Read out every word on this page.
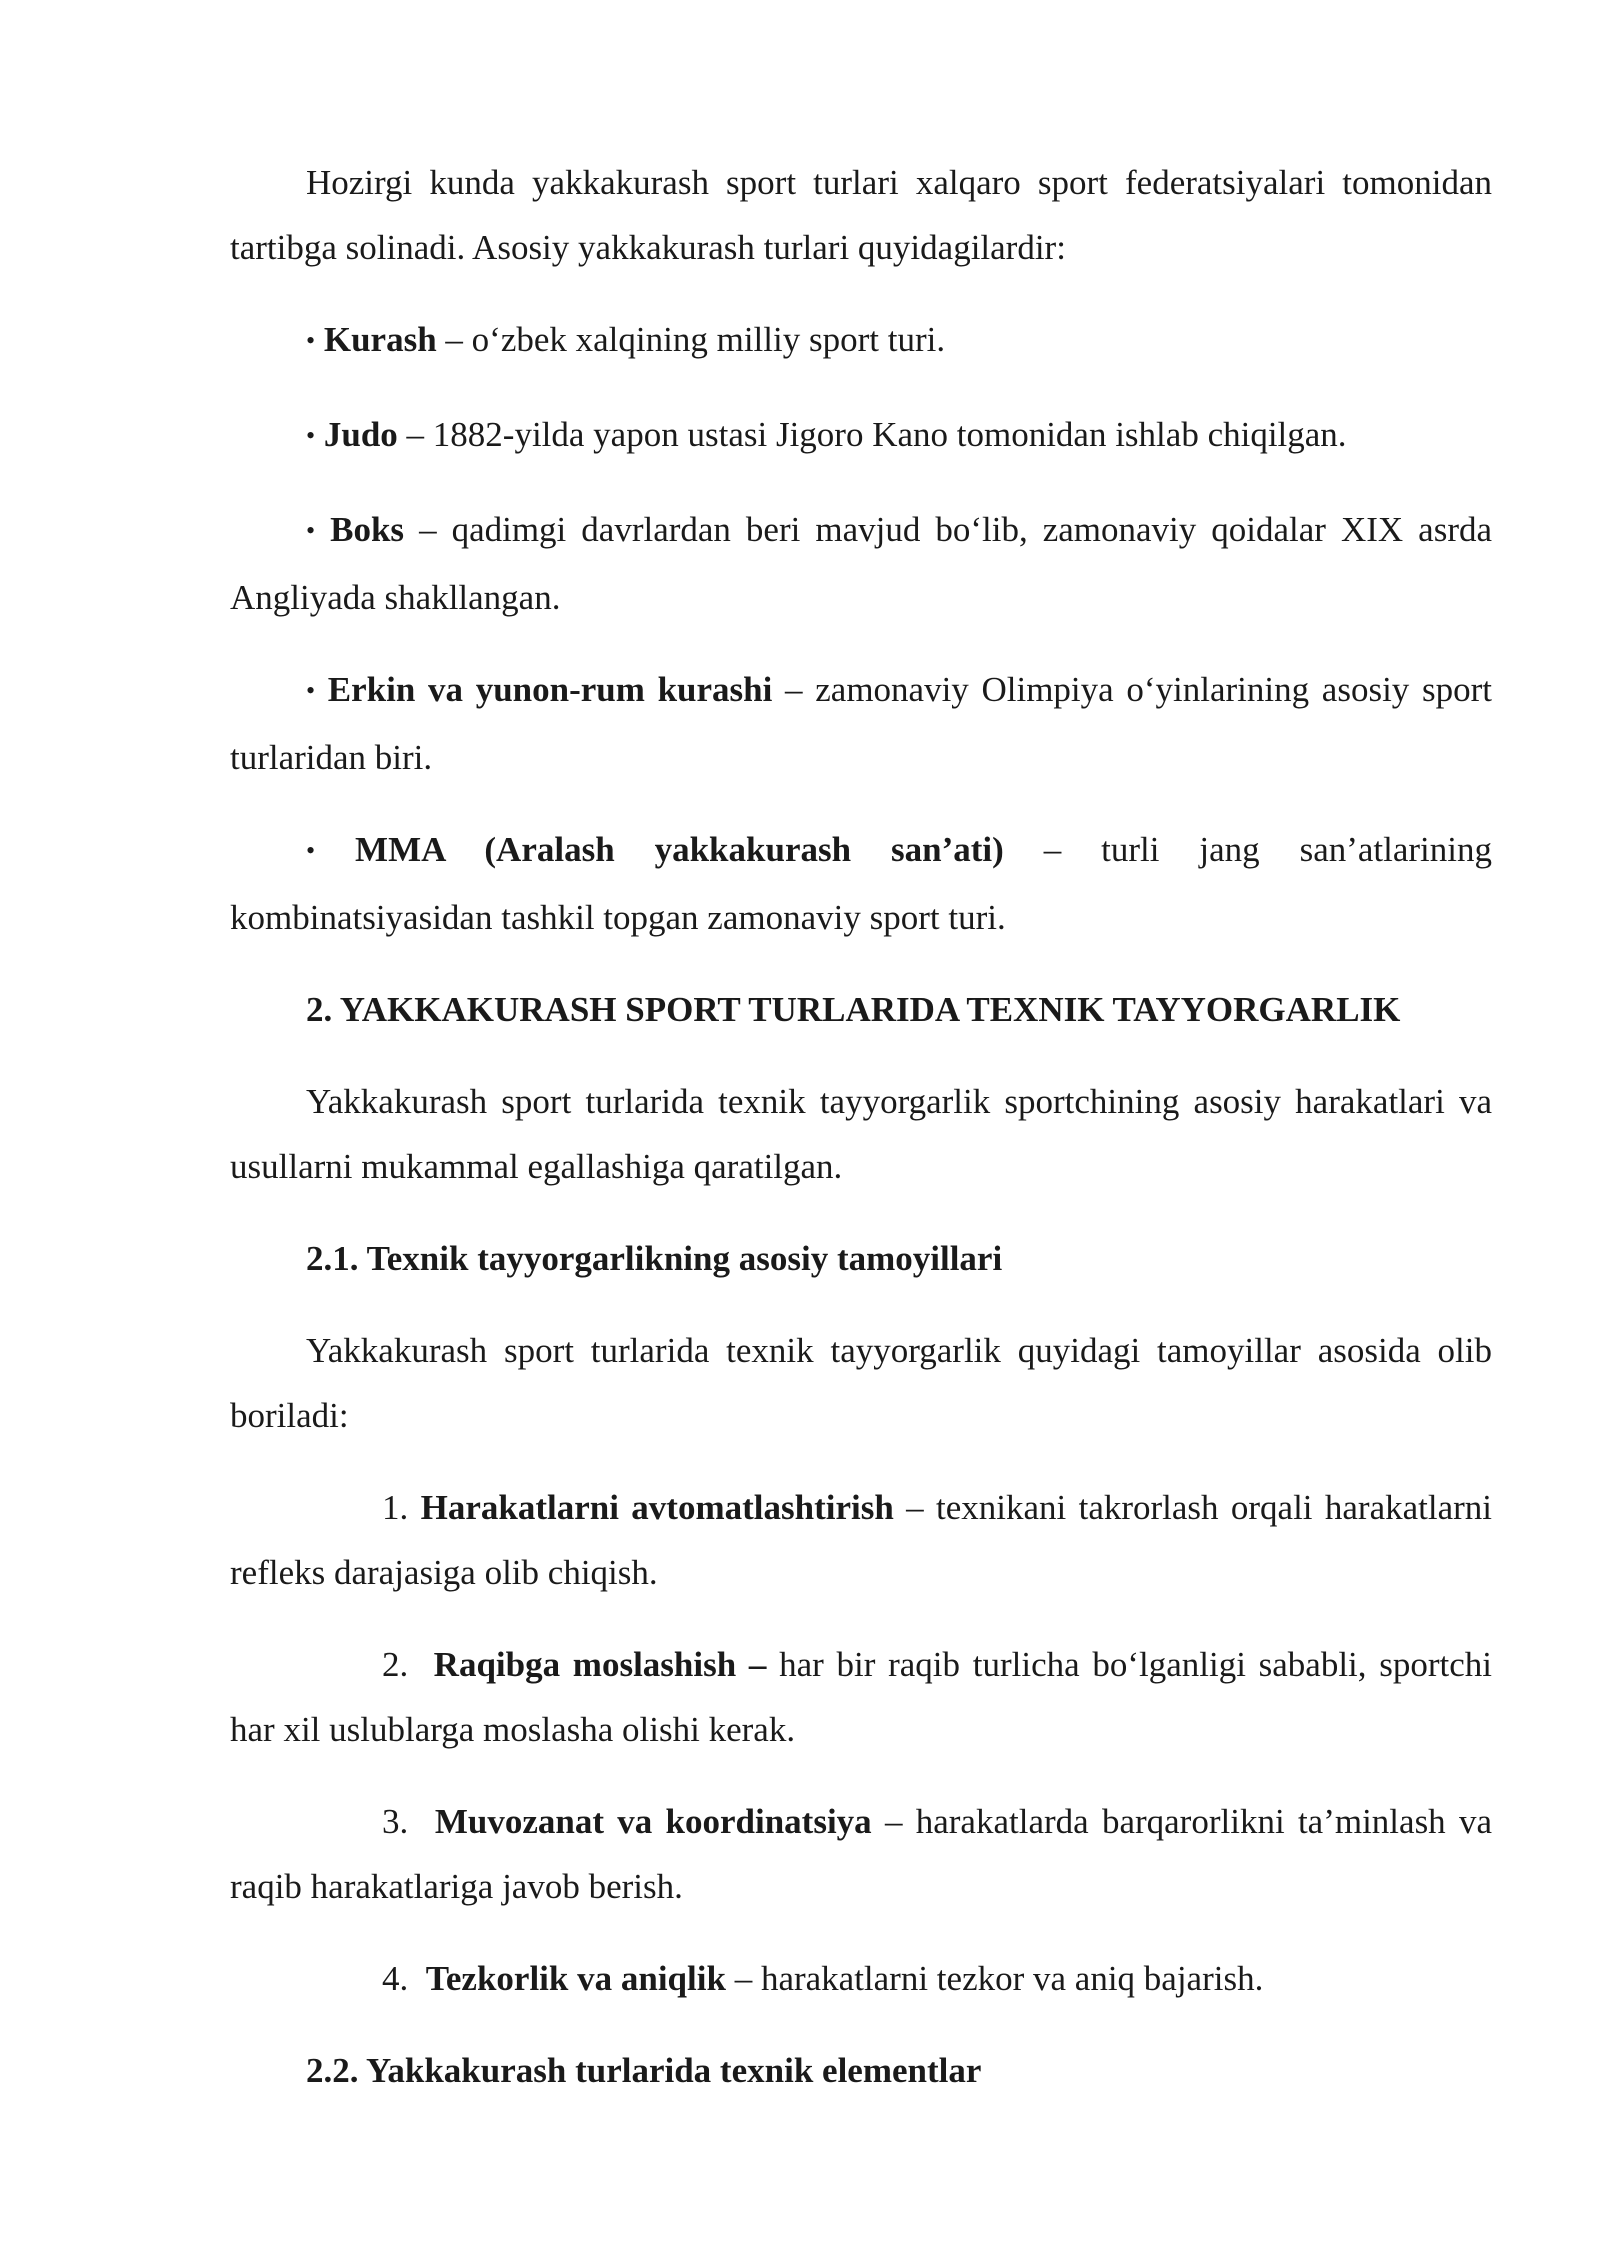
Hozirgi kunda yakkakurash sport turlari xalqaro sport federatsiyalari tomonidan tartibga solinadi. Asosiy yakkakurash turlari quyidagilardir:

• Kurash – o‘zbek xalqining milliy sport turi.

• Judo – 1882-yilda yapon ustasi Jigoro Kano tomonidan ishlab chiqilgan.

• Boks – qadimgi davrlardan beri mavjud bo‘lib, zamonaviy qoidalar XIX asrda Angliyada shakllangan.

• Erkin va yunon-rum kurashi – zamonaviy Olimpiya o‘yinlarining asosiy sport turlaridan biri.

• MMA (Aralash yakkakurash san’ati) – turli jang san’atlarining kombinatsiyasidan tashkil topgan zamonaviy sport turi.

2. YAKKAKURASH SPORT TURLARIDA TEXNIK TAYYORGARLIK

Yakkakurash sport turlarida texnik tayyorgarlik sportchining asosiy harakatlari va usullarni mukammal egallashiga qaratilgan.

2.1. Texnik tayyorgarlikning asosiy tamoyillari

Yakkakurash sport turlarida texnik tayyorgarlik quyidagi tamoyillar asosida olib boriladi:

1. Harakatlarni avtomatlashtirish – texnikani takrorlash orqali harakatlarni refleks darajasiga olib chiqish.

2. Raqibga moslashish – har bir raqib turlicha bo‘lganligi sababli, sportchi har xil uslublarga moslasha olishi kerak.

3. Muvozanat va koordinatsiya – harakatlarda barqarorlikni ta’minlash va raqib harakatlariga javob berish.

4. Tezkorlik va aniqlik – harakatlarni tezkor va aniq bajarish.

2.2. Yakkakurash turlarida texnik elementlar
